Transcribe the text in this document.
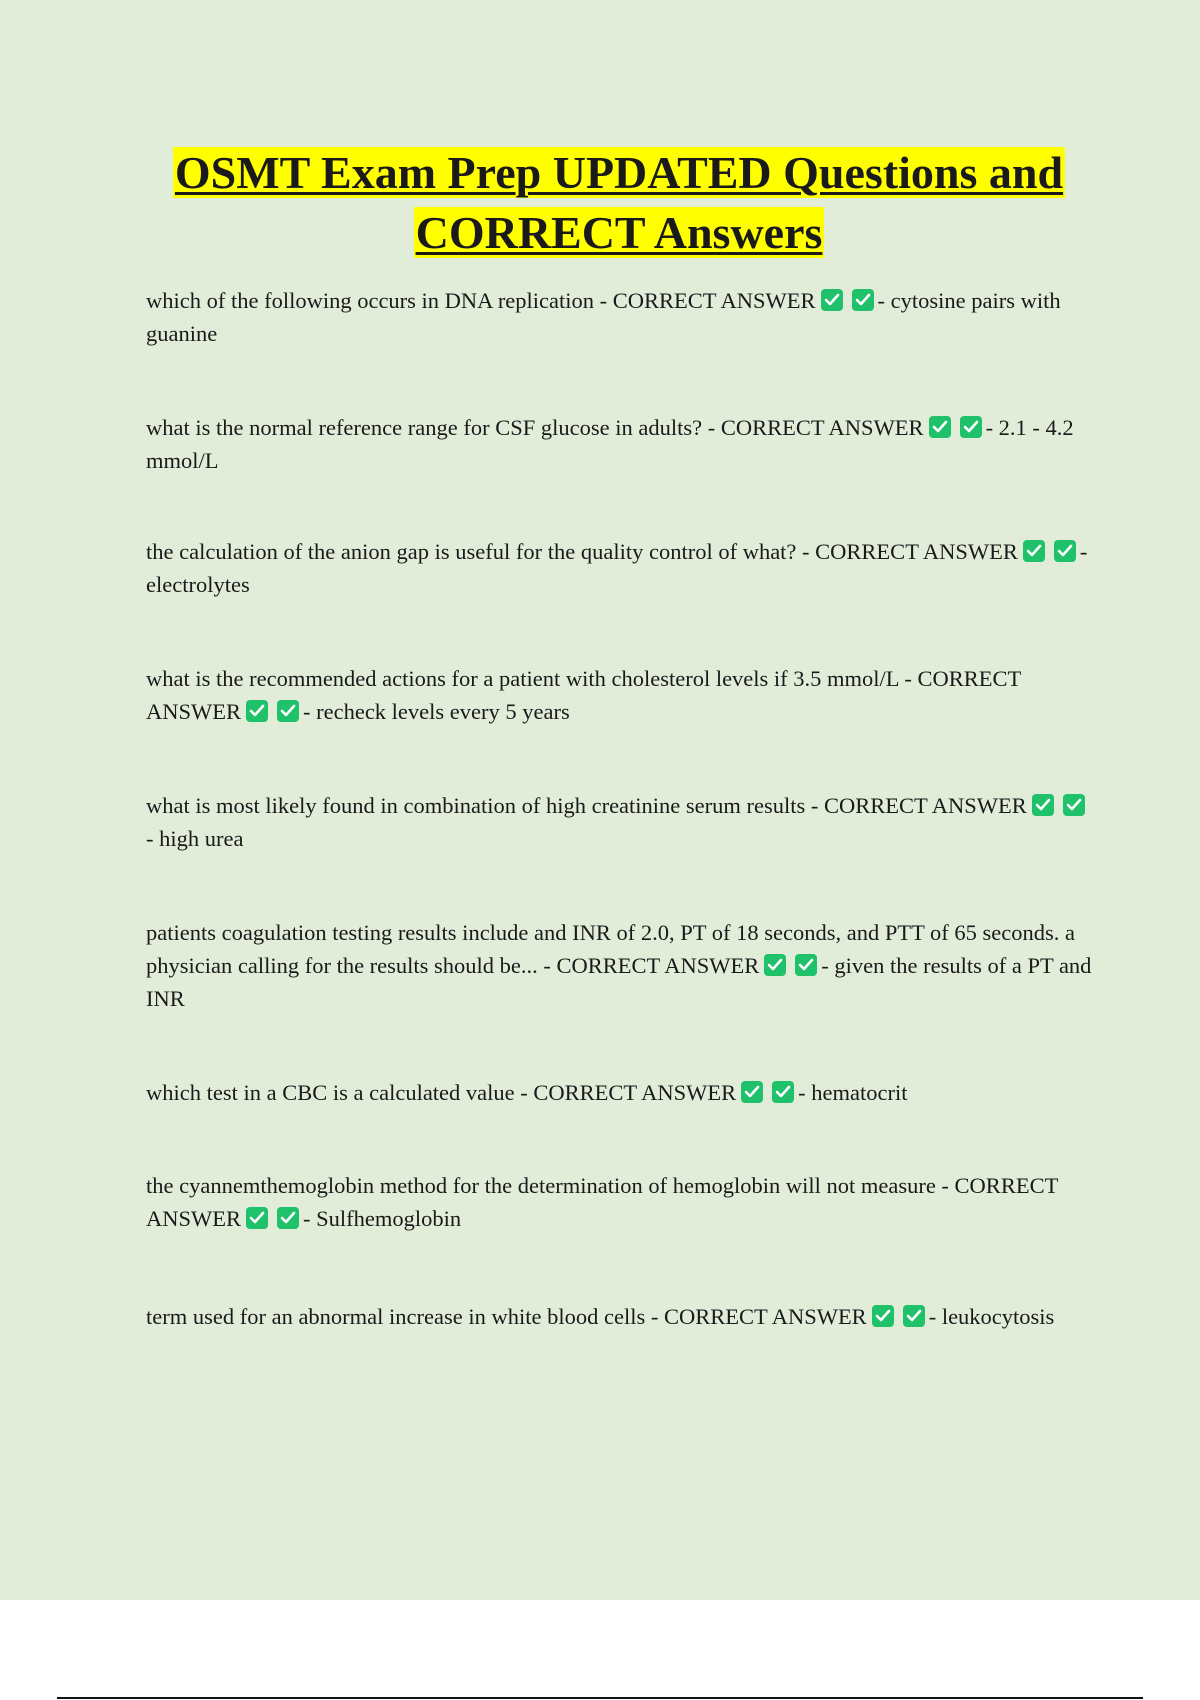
OSMT Exam Prep UPDATED Questions and CORRECT Answers

which of the following occurs in DNA replication - CORRECT ANSWER	- cytosine pairs with guanine

what is the normal reference range for CSF glucose in adults? - CORRECT ANSWER	- 2.1 - 4.2 mmol/L

the calculation of the anion gap is useful for the quality control of what? - CORRECT ANSWER	- electrolytes

what is the recommended actions for a patient with cholesterol levels if 3.5 mmol/L - CORRECT ANSWER	- recheck levels every 5 years

what is most likely found in combination of high creatinine serum results - CORRECT ANSWER
- high urea

patients coagulation testing results include and INR of 2.0, PT of 18 seconds, and PTT of 65 seconds. a physician calling for the results should be... - CORRECT ANSWER	- given the results of a PT and INR

which test in a CBC is a calculated value - CORRECT ANSWER	- hematocrit

the cyannemthemoglobin method for the determination of hemoglobin will not measure - CORRECT ANSWER	- Sulfhemoglobin

term used for an abnormal increase in white blood cells - CORRECT ANSWER	- leukocytosis
